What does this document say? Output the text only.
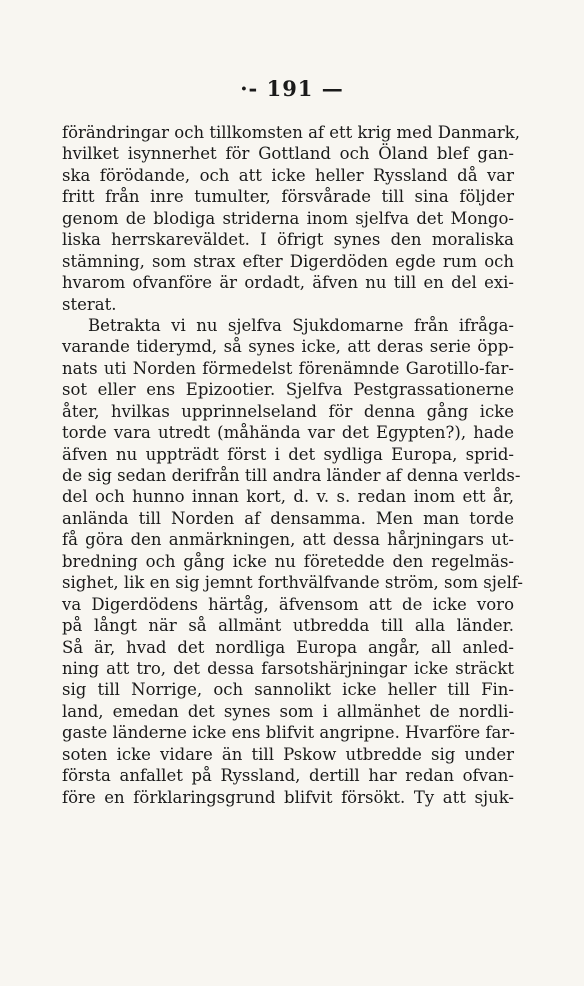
·- 191 —
förändringar och tillkomsten af ett krig med Danmark,
hvilket isynnerhet för Gottland och Öland blef gan-
ska förödande, och att icke heller Ryssland då var
fritt från inre tumulter, försvårade till sina följder
genom de blodiga striderna inom sjelfva det Mongo-
liska herrskareväldet. I öfrigt synes den moraliska
stämning, som strax efter Digerdöden egde rum och
hvarom ofvanföre är ordadt, äfven nu till en del exi-
sterat.
Betrakta vi nu sjelfva Sjukdomarne från ifråga-
varande tiderymd, så synes icke, att deras serie öpp-
nats uti Norden förmedelst förenämnde Garotillo-far-
sot eller ens Epizootier. Sjelfva Pestgrassationerne
åter, hvilkas upprinnelseland för denna gång icke
torde vara utredt (måhända var det Egypten?), hade
äfven nu uppträdt först i det sydliga Europa, sprid-
de sig sedan derifrån till andra länder af denna verlds-
del och hunno innan kort, d. v. s. redan inom ett år,
anlända till Norden af densamma. Men man torde
få göra den anmärkningen, att dessa hårjningars ut-
bredning och gång icke nu företedde den regelmäs-
sighet, lik en sig jemnt forthvälfvande ström, som sjelf-
va Digerdödens härtåg, äfvensom att de icke voro
på långt när så allmänt utbredda till alla länder.
Så är, hvad det nordliga Europa angår, all anled-
ning att tro, det dessa farsotshärjningar icke sträckt
sig till Norrige, och sannolikt icke heller till Fin-
land, emedan det synes som i allmänhet de nordli-
gaste länderne icke ens blifvit angripne. Hvarföre far-
soten icke vidare än till Pskow utbredde sig under
första anfallet på Ryssland, dertill har redan ofvan-
före en förklaringsgrund blifvit försökt. Ty att sjuk-
